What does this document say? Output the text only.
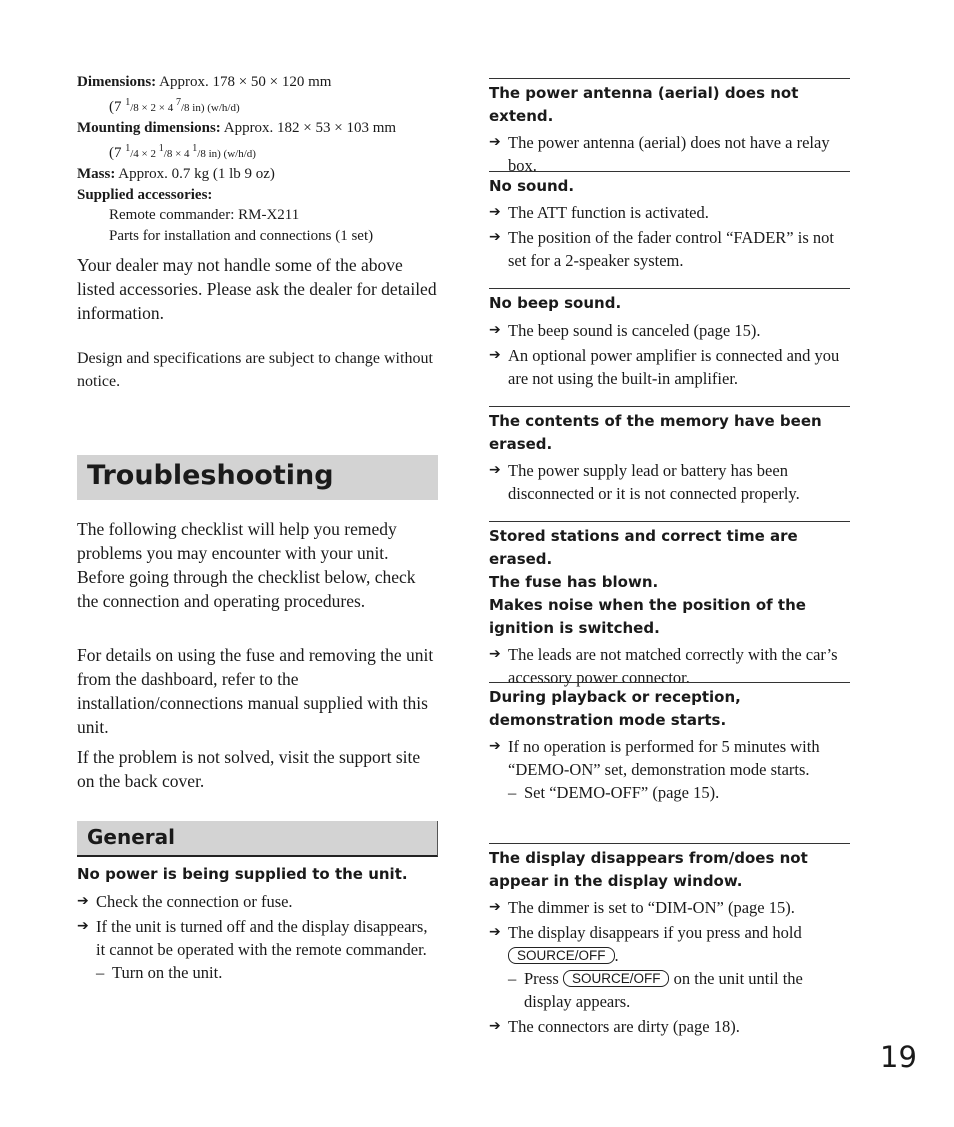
Dimensions: Approx. 178 × 50 × 120 mm
(7 $^1$/8 × 2 × 4 $^7$/8 in) (w/h/d)
Mounting dimensions: Approx. 182 × 53 × 103 mm
(7 $^1$/4 × 2 $^1$/8 × 4 $^1$/8 in) (w/h/d)
Mass: Approx. 0.7 kg (1 lb 9 oz)
Supplied accessories:
Remote commander: RM-X211
Parts for installation and connections (1 set)
Your dealer may not handle some of the above listed accessories. Please ask the dealer for detailed information.
Design and specifications are subject to change without notice.
Troubleshooting
The following checklist will help you remedy problems you may encounter with your unit. Before going through the checklist below, check the connection and operating procedures.
For details on using the fuse and removing the unit from the dashboard, refer to the installation/connections manual supplied with this unit.
If the problem is not solved, visit the support site on the back cover.
General
No power is being supplied to the unit.
➔ Check the connection or fuse.
➔ If the unit is turned off and the display disappears, it cannot be operated with the remote commander.
– Turn on the unit.
The power antenna (aerial) does not extend.
➔ The power antenna (aerial) does not have a relay box.
No sound.
➔ The ATT function is activated.
➔ The position of the fader control “FADER” is not set for a 2-speaker system.
No beep sound.
➔ The beep sound is canceled (page 15).
➔ An optional power amplifier is connected and you are not using the built-in amplifier.
The contents of the memory have been erased.
➔ The power supply lead or battery has been disconnected or it is not connected properly.
Stored stations and correct time are erased.
The fuse has blown.
Makes noise when the position of the ignition is switched.
➔ The leads are not matched correctly with the car’s accessory power connector.
During playback or reception, demonstration mode starts.
➔ If no operation is performed for 5 minutes with “DEMO-ON” set, demonstration mode starts.
– Set “DEMO-OFF” (page 15).
The display disappears from/does not appear in the display window.
➔ The dimmer is set to “DIM-ON” (page 15).
➔ The display disappears if you press and hold
SOURCE/OFF .
– Press SOURCE/OFF on the unit until the display appears.
➔ The connectors are dirty (page 18).
19
